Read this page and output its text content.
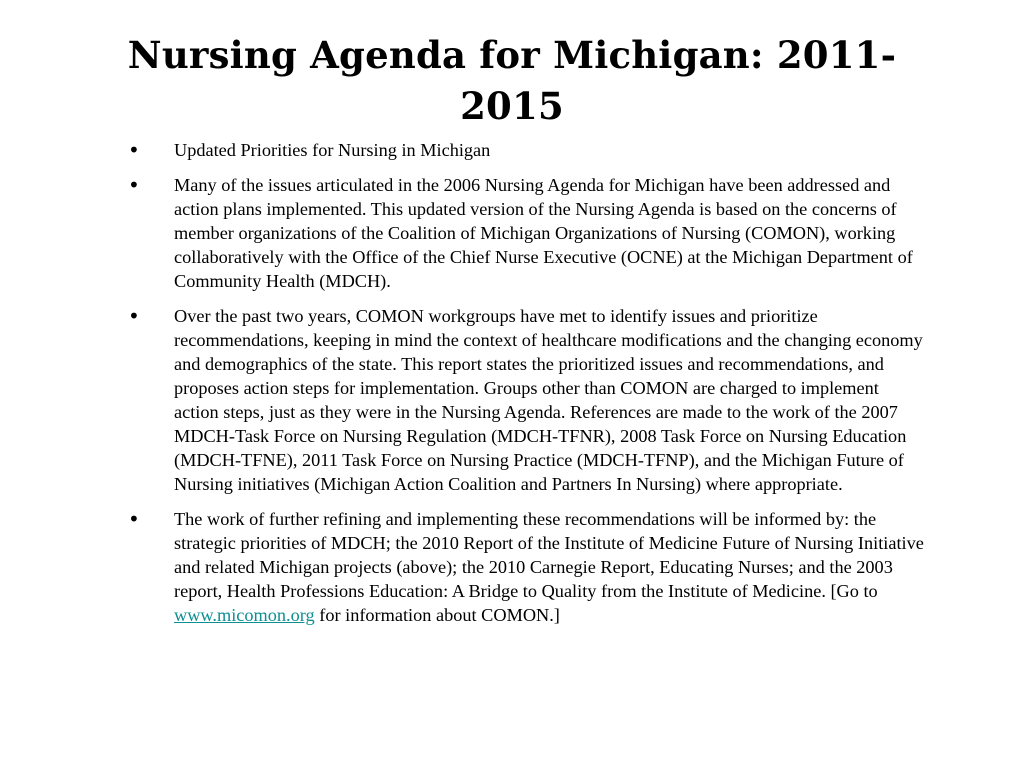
Nursing Agenda for Michigan: 2011-2015
• Updated Priorities for Nursing in Michigan
• Many of the issues articulated in the 2006 Nursing Agenda for Michigan have been addressed and action plans implemented. This updated version of the Nursing Agenda is based on the concerns of member organizations of the Coalition of Michigan Organizations of Nursing (COMON), working collaboratively with the Office of the Chief Nurse Executive (OCNE) at the Michigan Department of Community Health (MDCH).
• Over the past two years, COMON workgroups have met to identify issues and prioritize recommendations, keeping in mind the context of healthcare modifications and the changing economy and demographics of the state. This report states the prioritized issues and recommendations, and proposes action steps for implementation. Groups other than COMON are charged to implement action steps, just as they were in the Nursing Agenda. References are made to the work of the 2007 MDCH-Task Force on Nursing Regulation (MDCH-TFNR), 2008 Task Force on Nursing Education (MDCH-TFNE), 2011 Task Force on Nursing Practice (MDCH-TFNP), and the Michigan Future of Nursing initiatives (Michigan Action Coalition and Partners In Nursing) where appropriate.
• The work of further refining and implementing these recommendations will be informed by: the strategic priorities of MDCH; the 2010 Report of the Institute of Medicine Future of Nursing Initiative and related Michigan projects (above); the 2010 Carnegie Report, Educating Nurses; and the 2003 report, Health Professions Education: A Bridge to Quality from the Institute of Medicine. [Go to www.micomon.org for information about COMON.]
